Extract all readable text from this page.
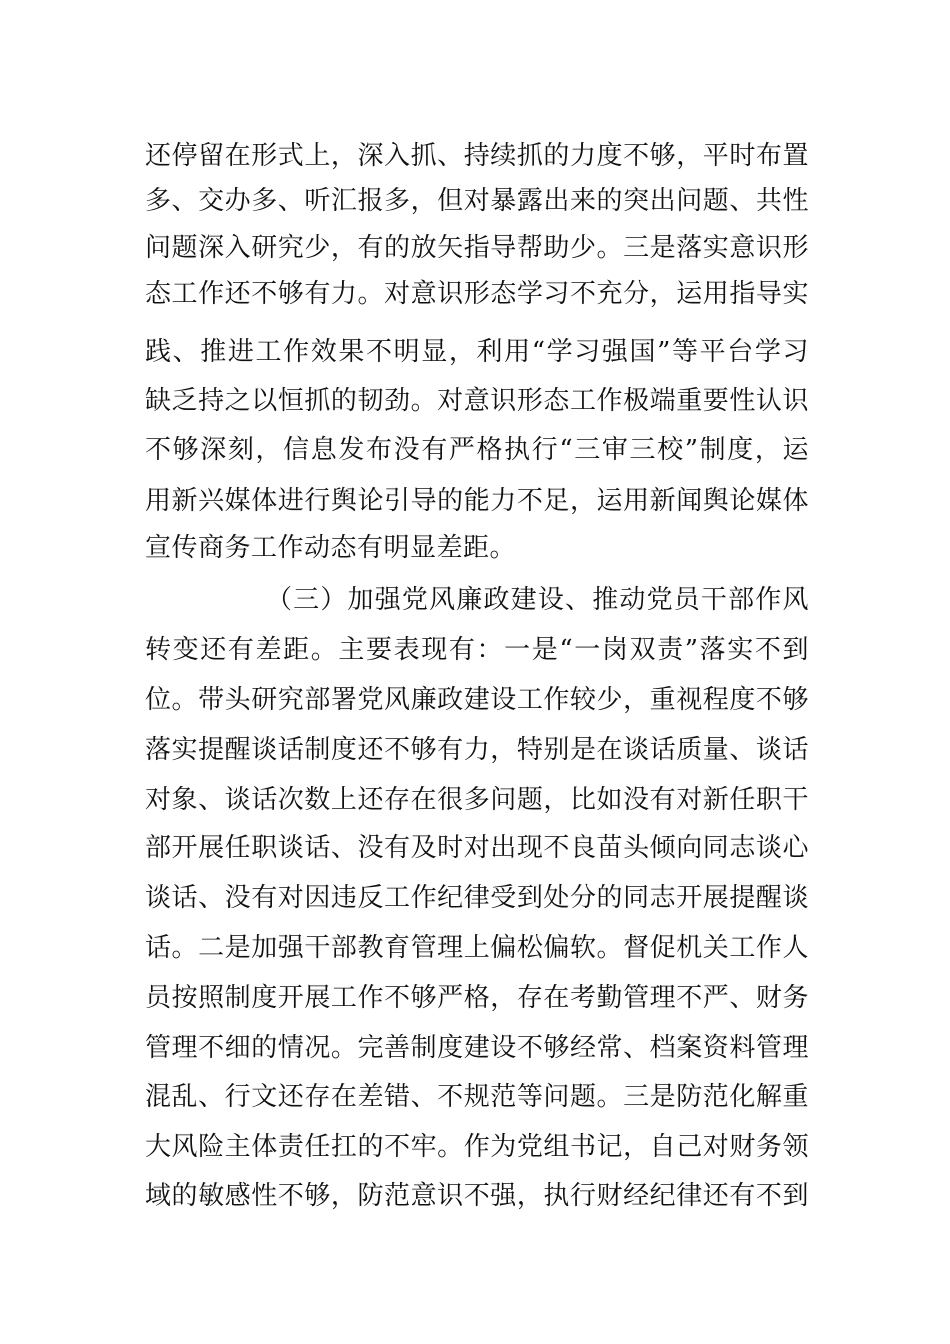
还停留在形式上，深入抓、持续抓的力度不够，平时布置
多、交办多、听汇报多，但对暴露出来的突出问题、共性
问题深入研究少，有的放矢指导帮助少。三是落实意识形
态工作还不够有力。对意识形态学习不充分，运用指导实
践、推进工作效果不明显，利用“学习强国”等平台学习
缺乏持之以恒抓的韧劲。对意识形态工作极端重要性认识
不够深刻，信息发布没有严格执行“三审三校”制度，运
用新兴媒体进行舆论引导的能力不足，运用新闻舆论媒体
宣传商务工作动态有明显差距。
（三）加强党风廉政建设、推动党员干部作风
转变还有差距。主要表现有：一是“一岗双责”落实不到
位。带头研究部署党风廉政建设工作较少，重视程度不够
落实提醒谈话制度还不够有力，特别是在谈话质量、谈话
对象、谈话次数上还存在很多问题，比如没有对新任职干
部开展任职谈话、没有及时对出现不良苗头倾向同志谈心
谈话、没有对因违反工作纪律受到处分的同志开展提醒谈
话。二是加强干部教育管理上偏松偏软。督促机关工作人
员按照制度开展工作不够严格，存在考勤管理不严、财务
管理不细的情况。完善制度建设不够经常、档案资料管理
混乱、行文还存在差错、不规范等问题。三是防范化解重
大风险主体责任扛的不牢。作为党组书记，自己对财务领
域的敏感性不够，防范意识不强，执行财经纪律还有不到
